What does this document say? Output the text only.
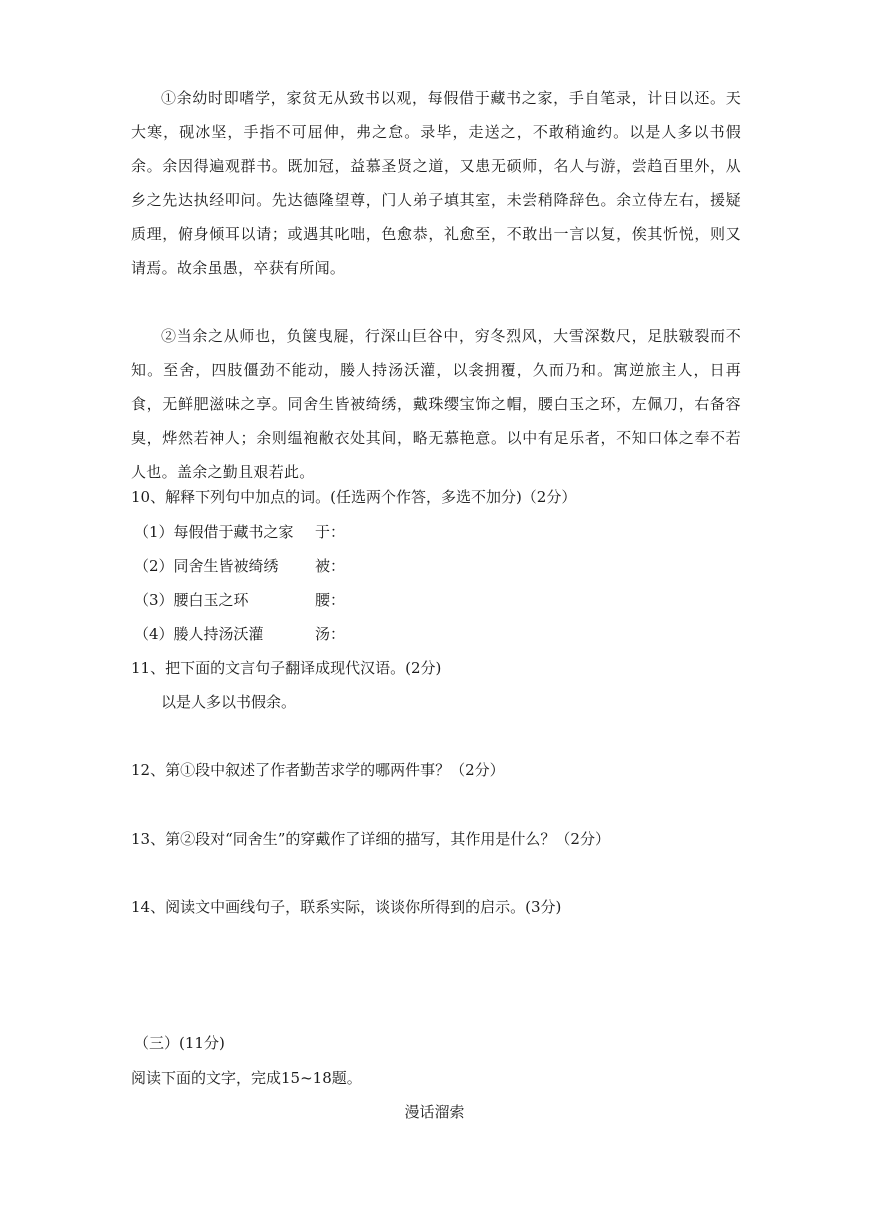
①余幼时即嗜学，家贫无从致书以观，每假借于藏书之家，手自笔录，计日以还。天大寒，砚冰坚，手指不可屈伸，弗之怠。录毕，走送之，不敢稍逾约。以是人多以书假余。余因得遍观群书。既加冠，益慕圣贤之道，又患无硕师，名人与游，尝趋百里外，从乡之先达执经叩问。先达德隆望尊，门人弟子填其室，未尝稍降辞色。余立侍左右，援疑质理，俯身倾耳以请；或遇其叱咄，色愈恭，礼愈至，不敢出一言以复，俟其忻悦，则又请焉。故余虽愚，卒获有所闻。

②当余之从师也，负箧曳屣，行深山巨谷中，穷冬烈风，大雪深数尺，足肤皲裂而不知。至舍，四肢僵劲不能动，媵人持汤沃灌，以衾拥覆，久而乃和。寓逆旅主人，日再食，无鲜肥滋味之享。同舍生皆被绮绣，戴珠缨宝饰之帽，腰白玉之环，左佩刀，右备容臭，烨然若神人；余则缊袍敝衣处其间，略无慕艳意。以中有足乐者，不知口体之奉不若人也。盖余之勤且艰若此。

10、解释下列句中加点的词。(任选两个作答，多选不加分)（2分）
（1）每假借于藏书之家 于：
（2）同舍生皆被绮绣 被：
（3）腰白玉之环	腰：
（4）媵人持汤沃灌	汤：
11、把下面的文言句子翻译成现代汉语。(2分)
以是人多以书假余。
12、第①段中叙述了作者勤苦求学的哪两件事？（2分）
13、第②段对“同舍生”的穿戴作了详细的描写，其作用是什么？（2分）
14、阅读文中画线句子，联系实际，谈谈你所得到的启示。(3分)
（三）(11分)
阅读下面的文字，完成15~18题。
漫话溜索
